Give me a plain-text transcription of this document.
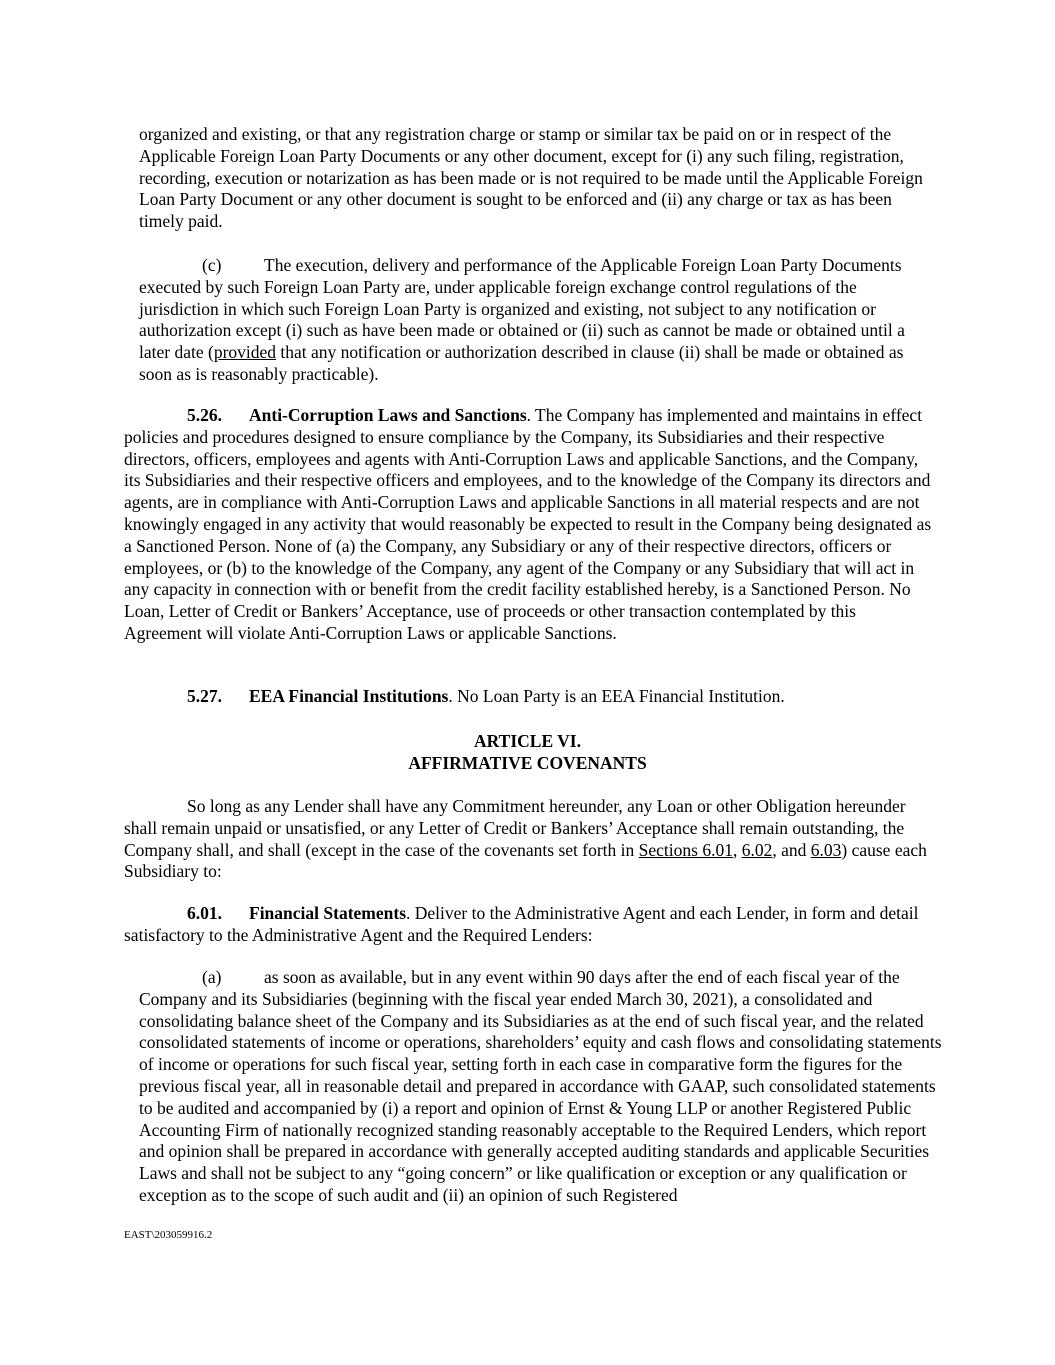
organized and existing, or that any registration charge or stamp or similar tax be paid on or in respect of the Applicable Foreign Loan Party Documents or any other document, except for (i) any such filing, registration, recording, execution or notarization as has been made or is not required to be made until the Applicable Foreign Loan Party Document or any other document is sought to be enforced and (ii) any charge or tax as has been timely paid.

(c) The execution, delivery and performance of the Applicable Foreign Loan Party Documents executed by such Foreign Loan Party are, under applicable foreign exchange control regulations of the jurisdiction in which such Foreign Loan Party is organized and existing, not subject to any notification or authorization except (i) such as have been made or obtained or (ii) such as cannot be made or obtained until a later date (provided that any notification or authorization described in clause (ii) shall be made or obtained as soon as is reasonably practicable).

5.26. Anti-Corruption Laws and Sanctions. The Company has implemented and maintains in effect policies and procedures designed to ensure compliance by the Company, its Subsidiaries and their respective directors, officers, employees and agents with Anti-Corruption Laws and applicable Sanctions, and the Company, its Subsidiaries and their respective officers and employees, and to the knowledge of the Company its directors and agents, are in compliance with Anti-Corruption Laws and applicable Sanctions in all material respects and are not knowingly engaged in any activity that would reasonably be expected to result in the Company being designated as a Sanctioned Person. None of (a) the Company, any Subsidiary or any of their respective directors, officers or employees, or (b) to the knowledge of the Company, any agent of the Company or any Subsidiary that will act in any capacity in connection with or benefit from the credit facility established hereby, is a Sanctioned Person. No Loan, Letter of Credit or Bankers’ Acceptance, use of proceeds or other transaction contemplated by this Agreement will violate Anti-Corruption Laws or applicable Sanctions.

5.27. EEA Financial Institutions. No Loan Party is an EEA Financial Institution.

ARTICLE VI.

AFFIRMATIVE COVENANTS

So long as any Lender shall have any Commitment hereunder, any Loan or other Obligation hereunder shall remain unpaid or unsatisfied, or any Letter of Credit or Bankers’ Acceptance shall remain outstanding, the Company shall, and shall (except in the case of the covenants set forth in Sections 6.01, 6.02, and 6.03) cause each Subsidiary to:

6.01. Financial Statements. Deliver to the Administrative Agent and each Lender, in form and detail satisfactory to the Administrative Agent and the Required Lenders:

(a) as soon as available, but in any event within 90 days after the end of each fiscal year of the Company and its Subsidiaries (beginning with the fiscal year ended March 30, 2021), a consolidated and consolidating balance sheet of the Company and its Subsidiaries as at the end of such fiscal year, and the related consolidated statements of income or operations, shareholders’ equity and cash flows and consolidating statements of income or operations for such fiscal year, setting forth in each case in comparative form the figures for the previous fiscal year, all in reasonable detail and prepared in accordance with GAAP, such consolidated statements to be audited and accompanied by (i) a report and opinion of Ernst & Young LLP or another Registered Public Accounting Firm of nationally recognized standing reasonably acceptable to the Required Lenders, which report and opinion shall be prepared in accordance with generally accepted auditing standards and applicable Securities Laws and shall not be subject to any “going concern” or like qualification or exception or any qualification or exception as to the scope of such audit and (ii) an opinion of such Registered

EAST\203059916.2
